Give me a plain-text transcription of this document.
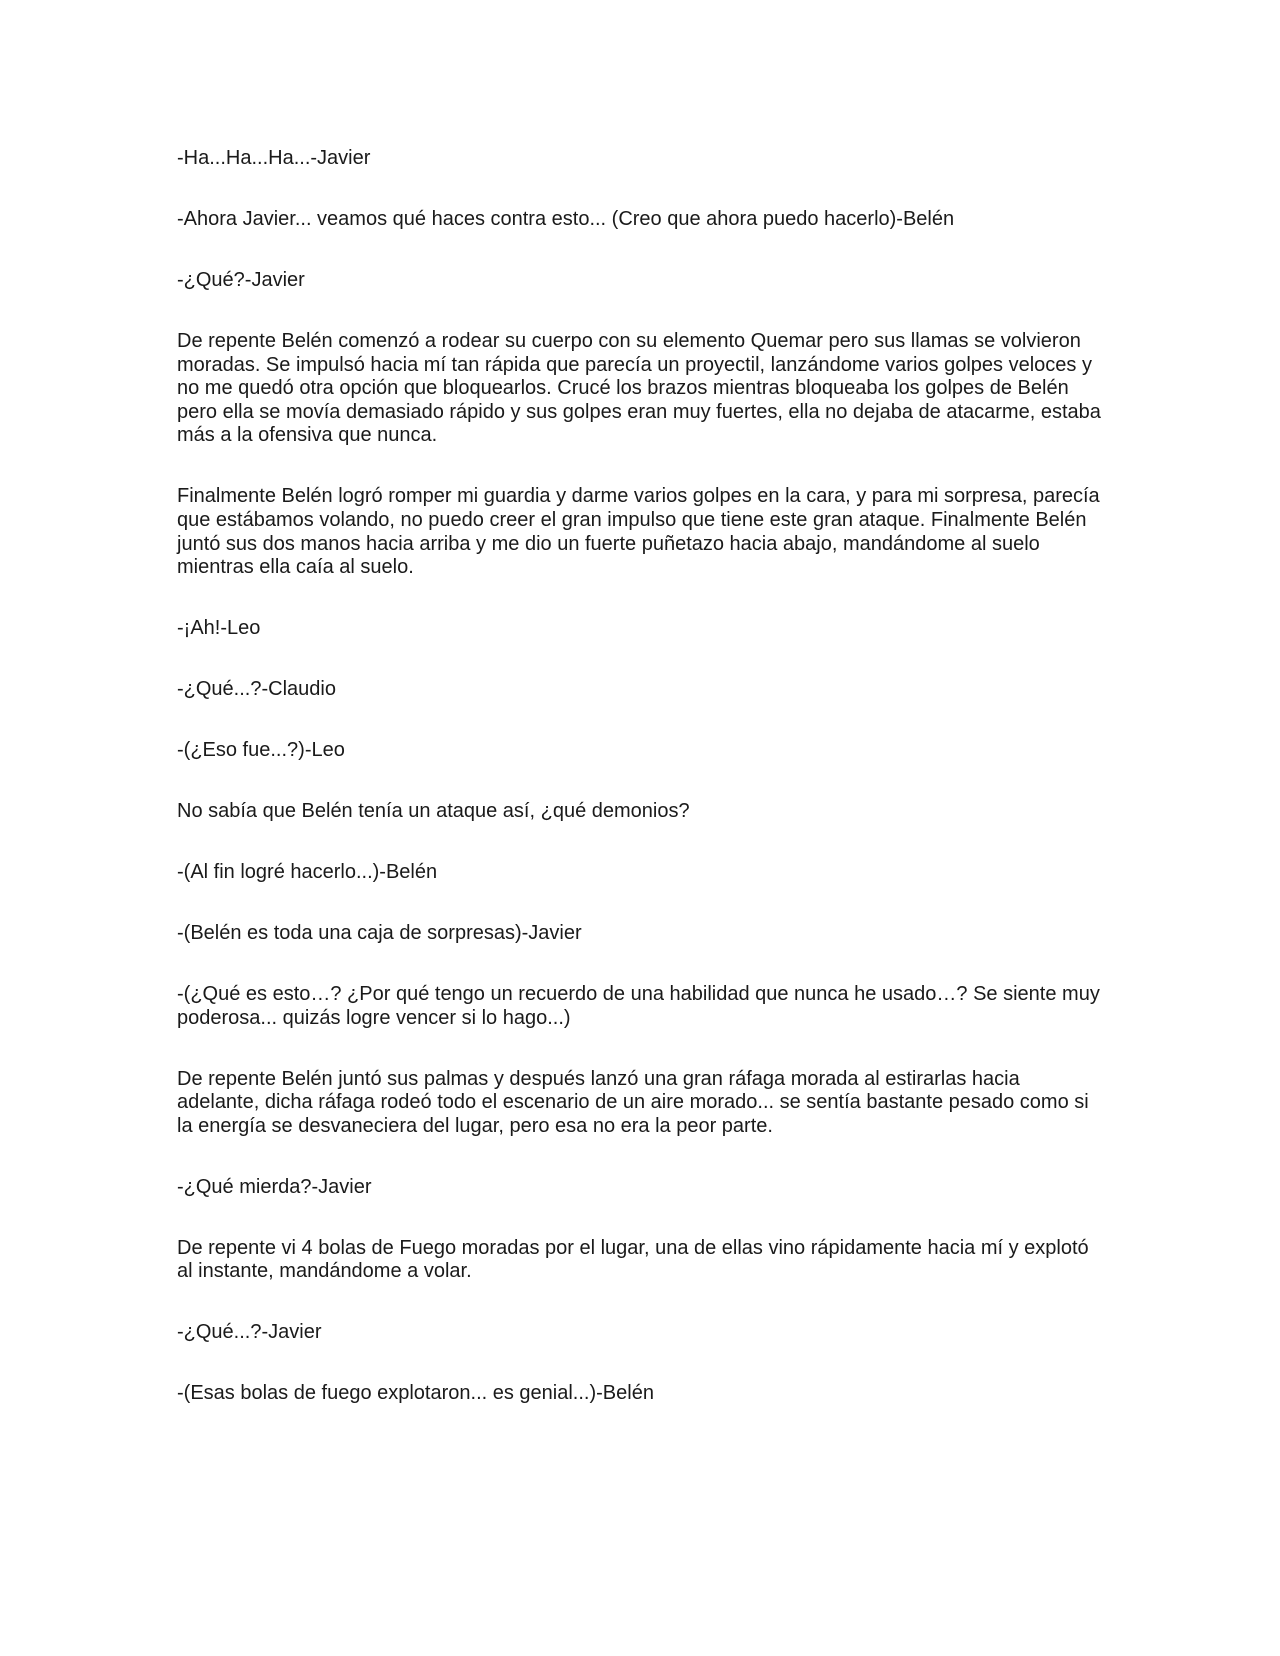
-Ha...Ha...Ha...-Javier

-Ahora Javier... veamos qué haces contra esto... (Creo que ahora puedo hacerlo)-Belén

-¿Qué?-Javier

De repente Belén comenzó a rodear su cuerpo con su elemento Quemar pero sus llamas se volvieron moradas. Se impulsó hacia mí tan rápida que parecía un proyectil, lanzándome varios golpes veloces y no me quedó otra opción que bloquearlos. Crucé los brazos mientras bloqueaba los golpes de Belén pero ella se movía demasiado rápido y sus golpes eran muy fuertes, ella no dejaba de atacarme, estaba más a la ofensiva que nunca.

Finalmente Belén logró romper mi guardia y darme varios golpes en la cara, y para mi sorpresa, parecía que estábamos volando, no puedo creer el gran impulso que tiene este gran ataque. Finalmente Belén juntó sus dos manos hacia arriba y me dio un fuerte puñetazo hacia abajo, mandándome al suelo mientras ella caía al suelo.

-¡Ah!-Leo

-¿Qué...?-Claudio

-(¿Eso fue...?)-Leo

No sabía que Belén tenía un ataque así, ¿qué demonios?

-(Al fin logré hacerlo...)-Belén

-(Belén es toda una caja de sorpresas)-Javier

-(¿Qué es esto…? ¿Por qué tengo un recuerdo de una habilidad que nunca he usado…? Se siente muy poderosa... quizás logre vencer si lo hago...)

De repente Belén juntó sus palmas y después lanzó una gran ráfaga morada al estirarlas hacia adelante, dicha ráfaga rodeó todo el escenario de un aire morado... se sentía bastante pesado como si la energía se desvaneciera del lugar, pero esa no era la peor parte.

-¿Qué mierda?-Javier

De repente vi 4 bolas de Fuego moradas por el lugar, una de ellas vino rápidamente hacia mí y explotó al instante, mandándome a volar.

-¿Qué...?-Javier

-(Esas bolas de fuego explotaron... es genial...)-Belén
